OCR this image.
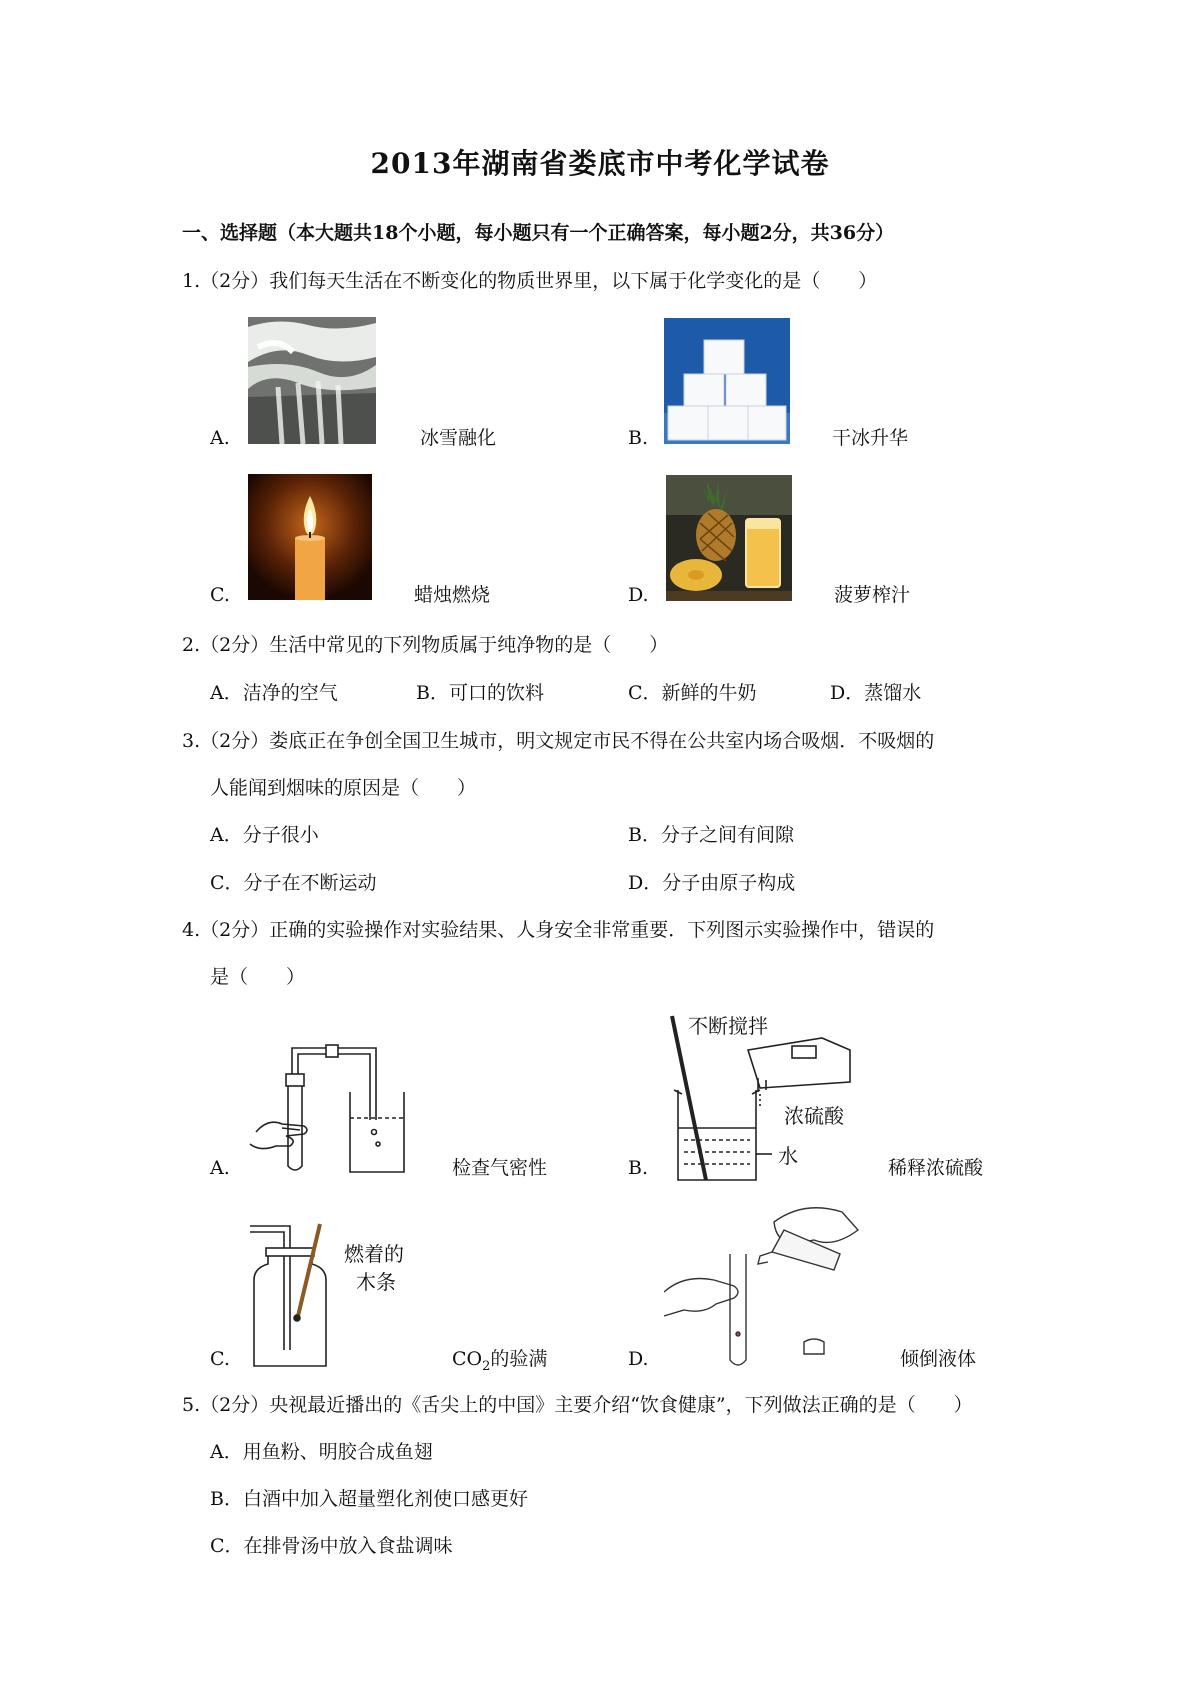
2013年湖南省娄底市中考化学试卷
一、选择题（本大题共18个小题，每小题只有一个正确答案，每小题2分，共36分）
1.（2分）我们每天生活在不断变化的物质世界里，以下属于化学变化的是（　　）
A.	冰雪融化	B.	干冰升华
C.	蜡烛燃烧	D.	菠萝榨汁
2.（2分）生活中常见的下列物质属于纯净物的是（　　）
A．洁净的空气	B．可口的饮料	C．新鲜的牛奶	D．蒸馏水
3.（2分）娄底正在争创全国卫生城市，明文规定市民不得在公共室内场合吸烟．不吸烟的
人能闻到烟味的原因是（　　）
A．分子很小	B．分子之间有间隙
C．分子在不断运动	D．分子由原子构成
4.（2分）正确的实验操作对实验结果、人身安全非常重要．下列图示实验操作中，错误的
是（　　）
A.	检查气密性	B.
不断搅拌
浓硫酸
水	稀释浓硫酸
C.
燃着的
木条
$CO_2$的验满	D.	倾倒液体
5.（2分）央视最近播出的《舌尖上的中国》主要介绍“饮食健康”，下列做法正确的是（　　）
A．用鱼粉、明胶合成鱼翅
B．白酒中加入超量塑化剂使口感更好
C．在排骨汤中放入食盐调味
